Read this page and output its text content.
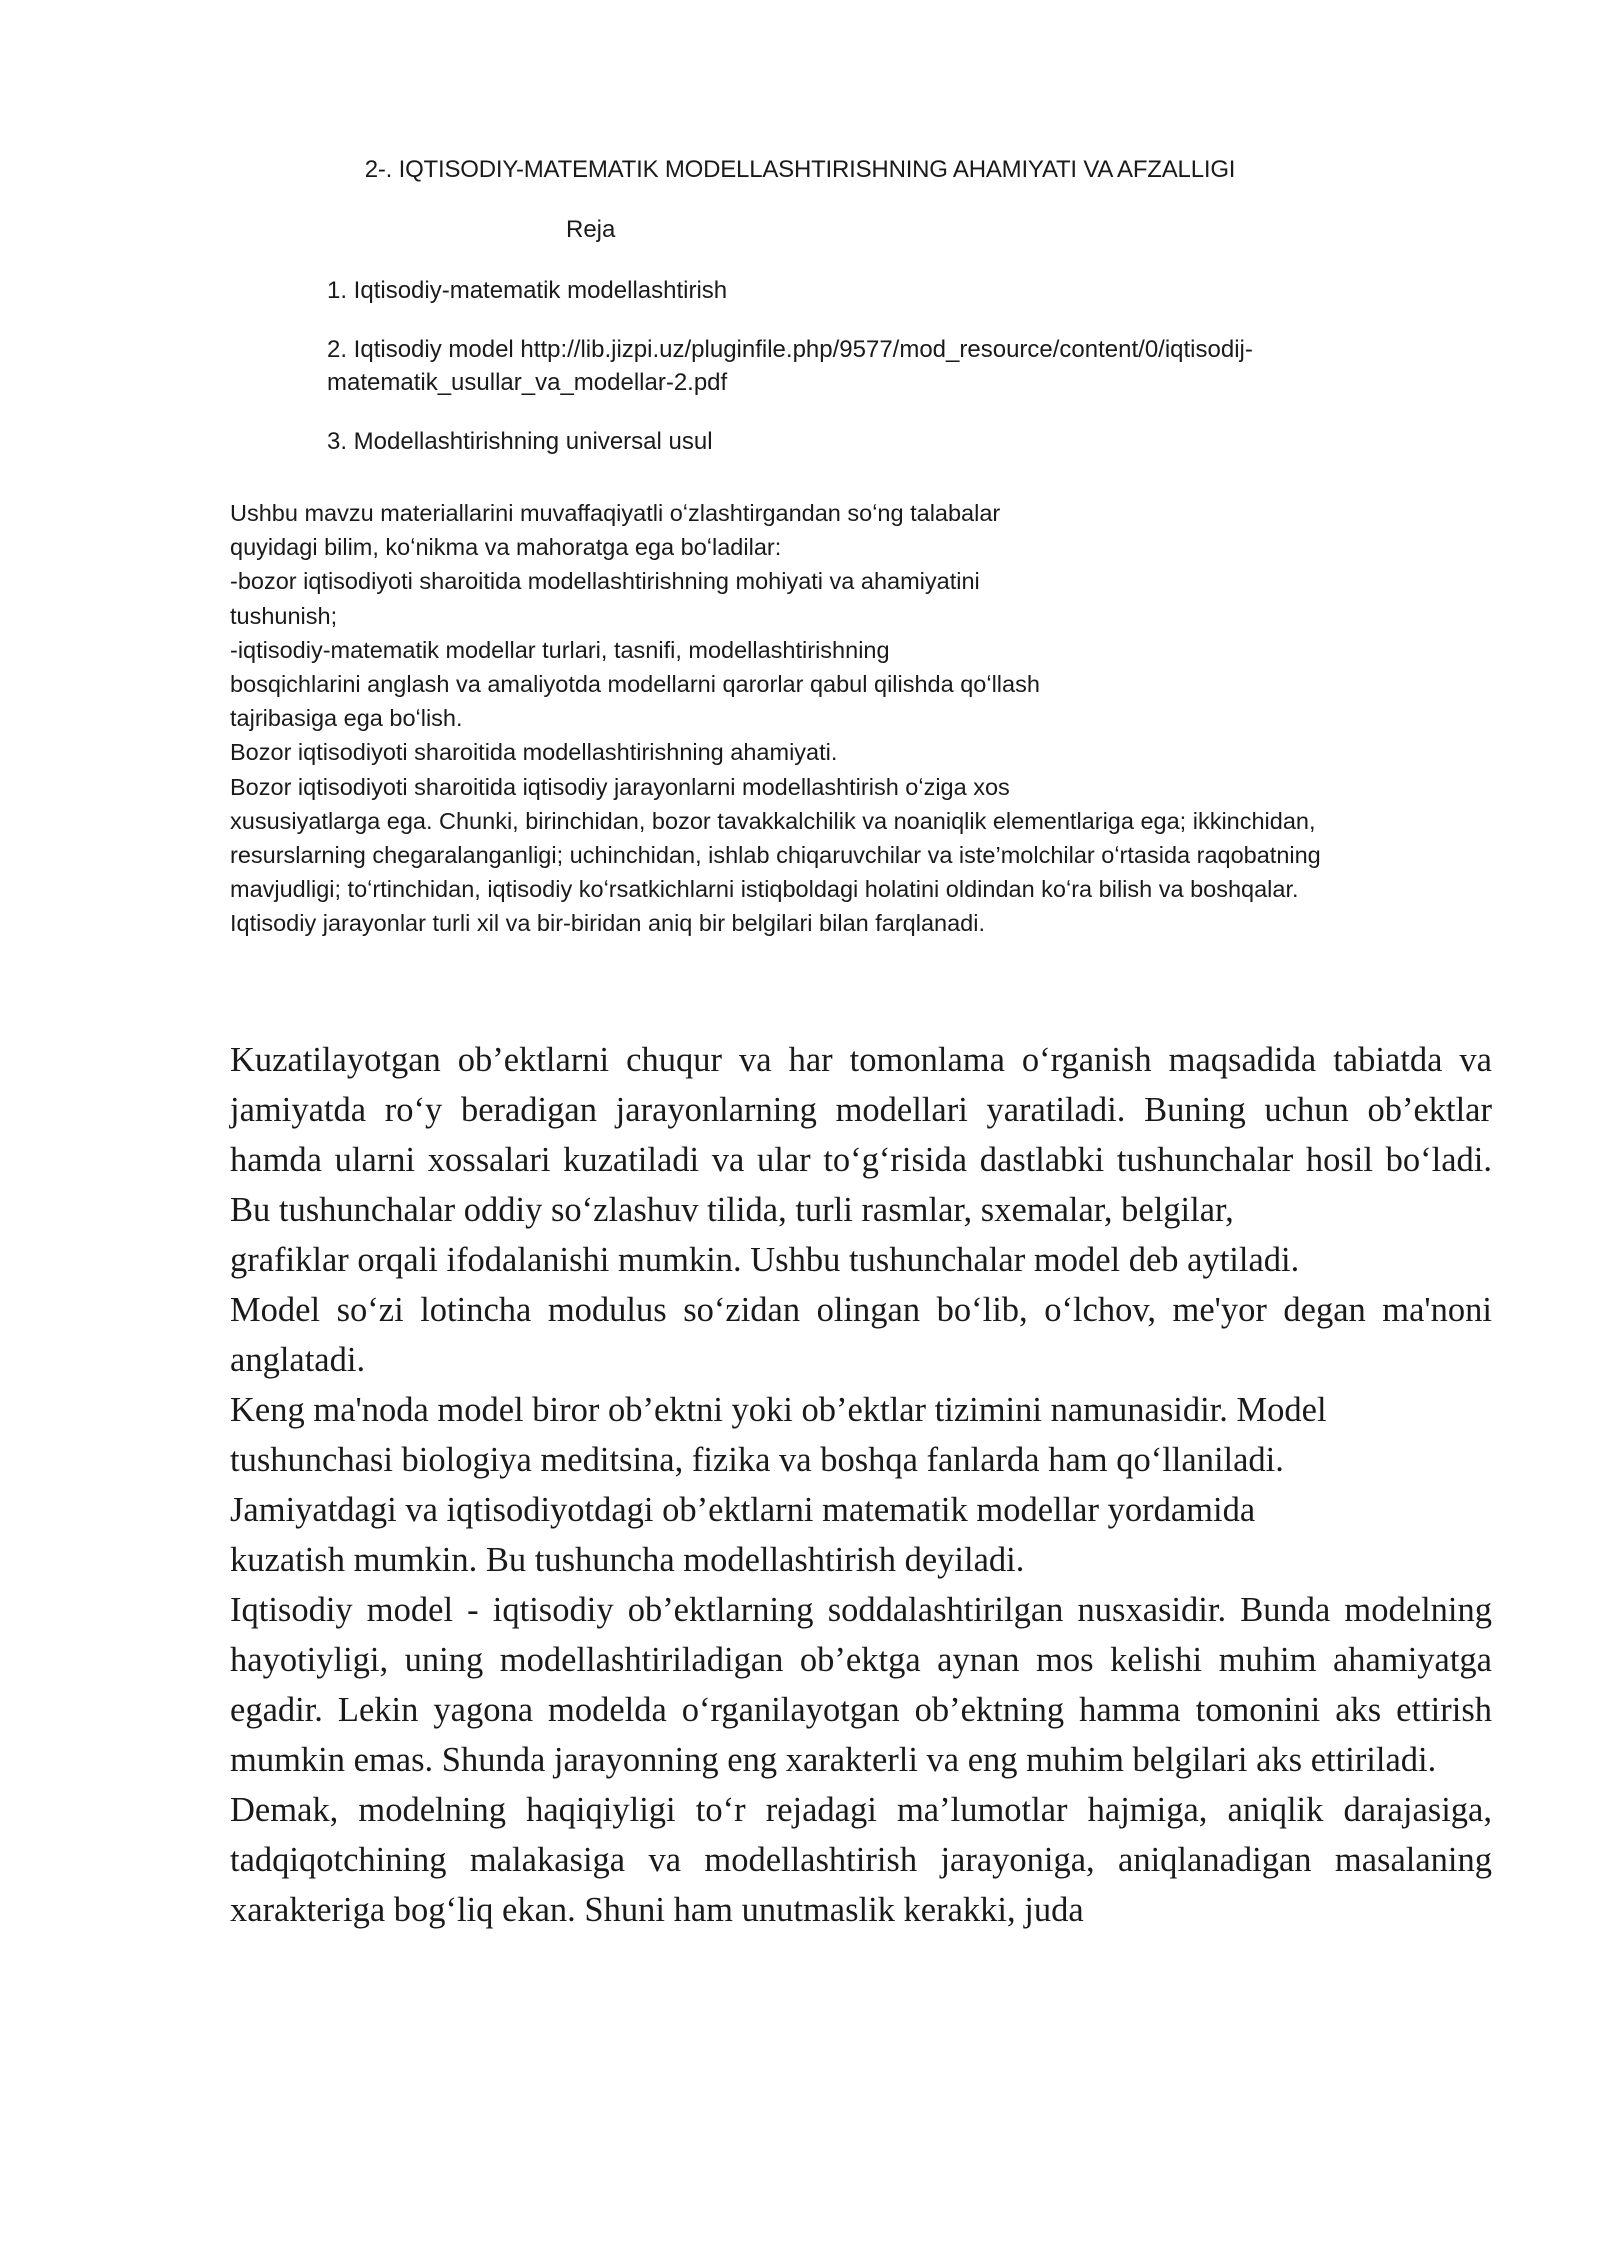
2-. IQTISODIY-MATEMATIK MODELLASHTIRISHNING AHAMIYATI VA AFZALLIGI
Reja
1. Iqtisodiy-matematik modellashtirish
2. Iqtisodiy model http://lib.jizpi.uz/pluginfile.php/9577/mod_resource/content/0/iqtisodij-matematik_usullar_va_modellar-2.pdf
3. Modellashtirishning universal usul
Ushbu mavzu materiallarini muvaffaqiyatli oʻzlashtirgandan soʻng talabalar
quyidagi bilim, koʻnikma va mahoratga ega boʻladilar:
-bozor iqtisodiyoti sharoitida modellashtirishning mohiyati va ahamiyatini
tushunish;
-iqtisodiy-matematik modellar turlari, tasnifi, modellashtirishning
bosqichlarini anglash va amaliyotda modellarni qarorlar qabul qilishda qoʻllash
tajribasiga ega boʻlish.
Bozor iqtisodiyoti sharoitida modellashtirishning ahamiyati.
Bozor iqtisodiyoti sharoitida iqtisodiy jarayonlarni modellashtirish oʻziga xos
xususiyatlarga ega. Chunki, birinchidan, bozor tavakkalchilik va noaniqlik elementlariga ega; ikkinchidan,
resurslarning chegaralanganligi; uchinchidan, ishlab chiqaruvchilar va iste’molchilar oʻrtasida raqobatning
mavjudligi; toʻrtinchidan, iqtisodiy koʻrsatkichlarni istiqboldagi holatini oldindan koʻra bilish va boshqalar.
Iqtisodiy jarayonlar turli xil va bir-biridan aniq bir belgilari bilan farqlanadi.

Kuzatilayotgan ob’ektlarni chuqur va har tomonlama oʻrganish maqsadida tabiatda va jamiyatda roʻy beradigan jarayonlarning modellari yaratiladi. Buning uchun ob’ektlar hamda ularni xossalari kuzatiladi va ular toʻgʻrisida dastlabki tushunchalar hosil boʻladi. Bu tushunchalar oddiy soʻzlashuv tilida, turli rasmlar, sxemalar, belgilar,

grafiklar orqali ifodalanishi mumkin. Ushbu tushunchalar model deb aytiladi.

Model soʻzi lotincha modulus soʻzidan olingan boʻlib, oʻlchov, me'yor degan ma'noni anglatadi.

Keng ma'noda model biror ob’ektni yoki ob’ektlar tizimini namunasidir. Model tushunchasi biologiya meditsina, fizika va boshqa fanlarda ham qoʻllaniladi.

Jamiyatdagi va iqtisodiyotdagi ob’ektlarni matematik modellar yordamida

kuzatish mumkin. Bu tushuncha modellashtirish deyiladi.

Iqtisodiy model - iqtisodiy ob’ektlarning soddalashtirilgan nusxasidir. Bunda modelning hayotiyligi, uning modellashtiriladigan ob’ektga aynan mos kelishi muhim ahamiyatga egadir. Lekin yagona modelda oʻrganilayotgan ob’ektning hamma tomonini aks ettirish mumkin emas. Shunda jarayonning eng xarakterli va eng muhim belgilari aks ettiriladi.

Demak, modelning haqiqiyligi toʻr rejadagi ma’lumotlar hajmiga, aniqlik darajasiga, tadqiqotchining malakasiga va modellashtirish jarayoniga, aniqlanadigan masalaning xarakteriga bogʻliq ekan. Shuni ham unutmaslik kerakki, juda
